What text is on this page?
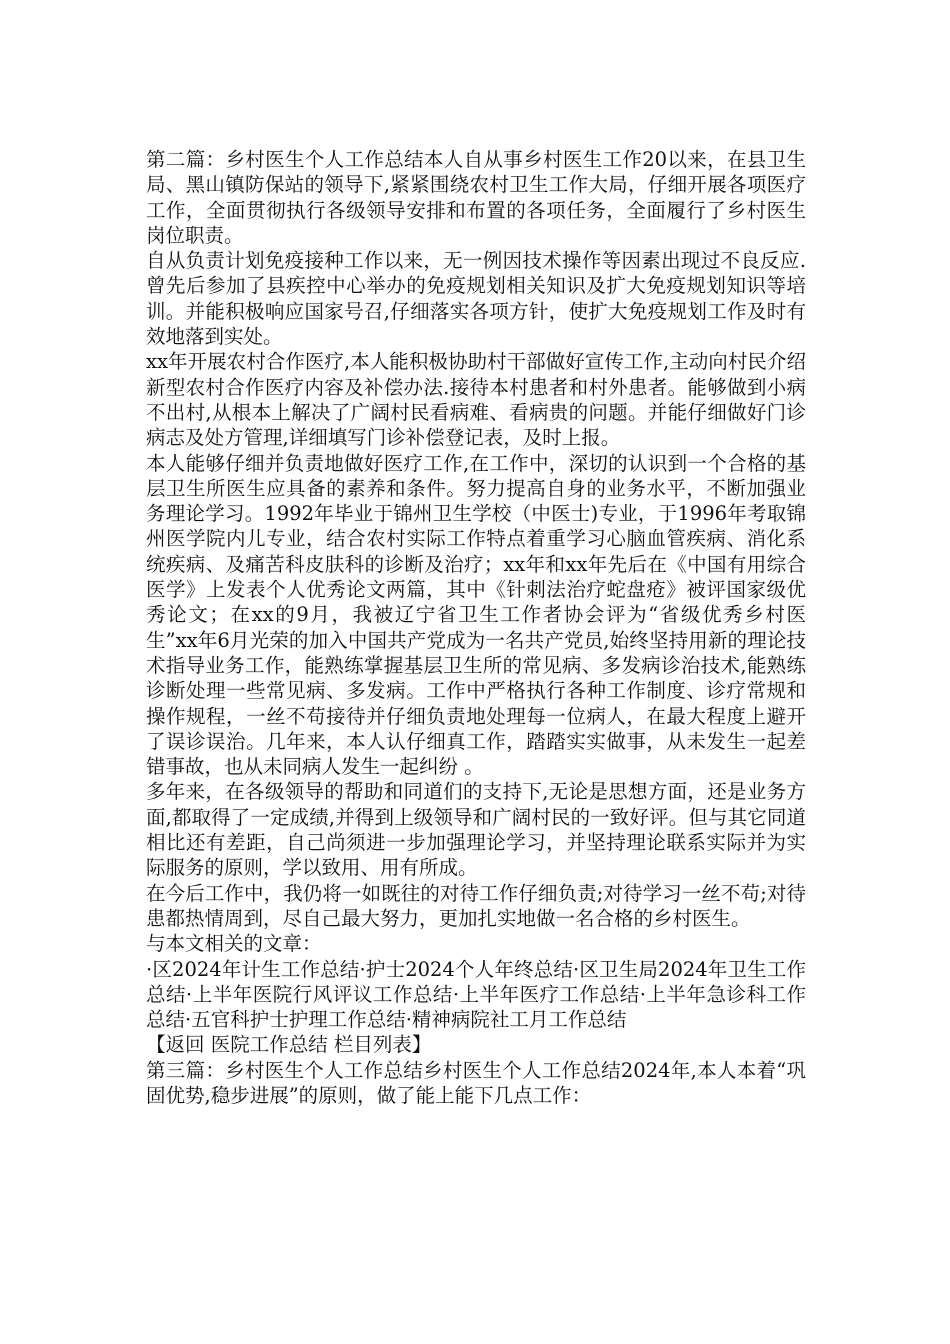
第二篇：乡村医生个人工作总结本人自从事乡村医生工作20以来，在县卫生局、黑山镇防保站的领导下,紧紧围绕农村卫生工作大局，仔细开展各项医疗工作，全面贯彻执行各级领导安排和布置的各项任务，全面履行了乡村医生岗位职责。

自从负责计划免疫接种工作以来，无一例因技术操作等因素出现过不良反应.曾先后参加了县疾控中心举办的免疫规划相关知识及扩大免疫规划知识等培训。并能积极响应国家号召,仔细落实各项方针，使扩大免疫规划工作及时有效地落到实处。

xx年开展农村合作医疗,本人能积极协助村干部做好宣传工作,主动向村民介绍新型农村合作医疗内容及补偿办法.接待本村患者和村外患者。能够做到小病不出村,从根本上解决了广阔村民看病难、看病贵的问题。并能仔细做好门诊病志及处方管理,详细填写门诊补偿登记表，及时上报。

本人能够仔细并负责地做好医疗工作,在工作中，深切的认识到一个合格的基层卫生所医生应具备的素养和条件。努力提高自身的业务水平，不断加强业务理论学习。1992年毕业于锦州卫生学校（中医士)专业，于1996年考取锦州医学院内儿专业，结合农村实际工作特点着重学习心脑血管疾病、消化系统疾病、及痛苦科皮肤科的诊断及治疗；xx年和xx年先后在《中国有用综合医学》上发表个人优秀论文两篇，其中《针刺法治疗蛇盘疮》被评国家级优秀论文；在xx的9月，我被辽宁省卫生工作者协会评为“省级优秀乡村医生”xx年6月光荣的加入中国共产党成为一名共产党员,始终坚持用新的理论技术指导业务工作，能熟练掌握基层卫生所的常见病、多发病诊治技术,能熟练诊断处理一些常见病、多发病。工作中严格执行各种工作制度、诊疗常规和操作规程，一丝不苟接待并仔细负责地处理每一位病人，在最大程度上避开了误诊误治。几年来，本人认仔细真工作，踏踏实实做事，从未发生一起差错事故，也从未同病人发生一起纠纷 。

多年来，在各级领导的帮助和同道们的支持下,无论是思想方面，还是业务方面,都取得了一定成绩,并得到上级领导和广阔村民的一致好评。但与其它同道相比还有差距，自己尚须进一步加强理论学习，并坚持理论联系实际并为实际服务的原则，学以致用、用有所成。

在今后工作中，我仍将一如既往的对待工作仔细负责;对待学习一丝不苟;对待患都热情周到，尽自己最大努力，更加扎实地做一名合格的乡村医生。

与本文相关的文章：

·区2024年计生工作总结·护士2024个人年终总结·区卫生局2024年卫生工作总结·上半年医院行风评议工作总结·上半年医疗工作总结·上半年急诊科工作总结·五官科护士护理工作总结·精神病院社工月工作总结

【返回 医院工作总结 栏目列表】

第三篇：乡村医生个人工作总结乡村医生个人工作总结2024年,本人本着“巩固优势,稳步进展”的原则，做了能上能下几点工作：
